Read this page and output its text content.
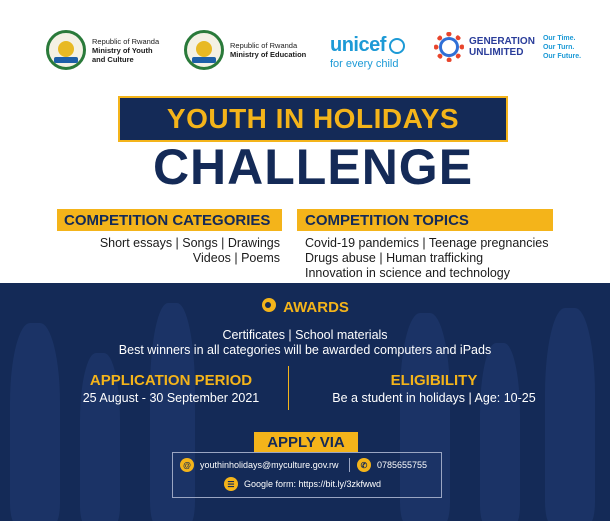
Republic of Rwanda
Ministry of Youth
and Culture
Republic of Rwanda
Ministry of Education unicef
for every child
GENERATION
UNLIMITED
Our Time.
Our Turn.
Our Future.
YOUTH IN HOLIDAYS
CHALLENGE
COMPETITION CATEGORIES	COMPETITION TOPICS
Short essays | Songs | Drawings
Videos | Poems
Covid-19 pandemics | Teenage pregnancies
Drugs abuse | Human trafficking
Innovation in science and technology
AWARDS
Certificates | School materials
Best winners in all categories will be awarded computers and iPads
APPLICATION PERIOD
25 August - 30 September 2021
ELIGIBILITY
Be a student in holidays | Age: 10-25
APPLY VIA
@	youthinholidays@myculture.gov.rw	✆	0785655755
☰	Google form: https://bit.ly/3zkfwwd
